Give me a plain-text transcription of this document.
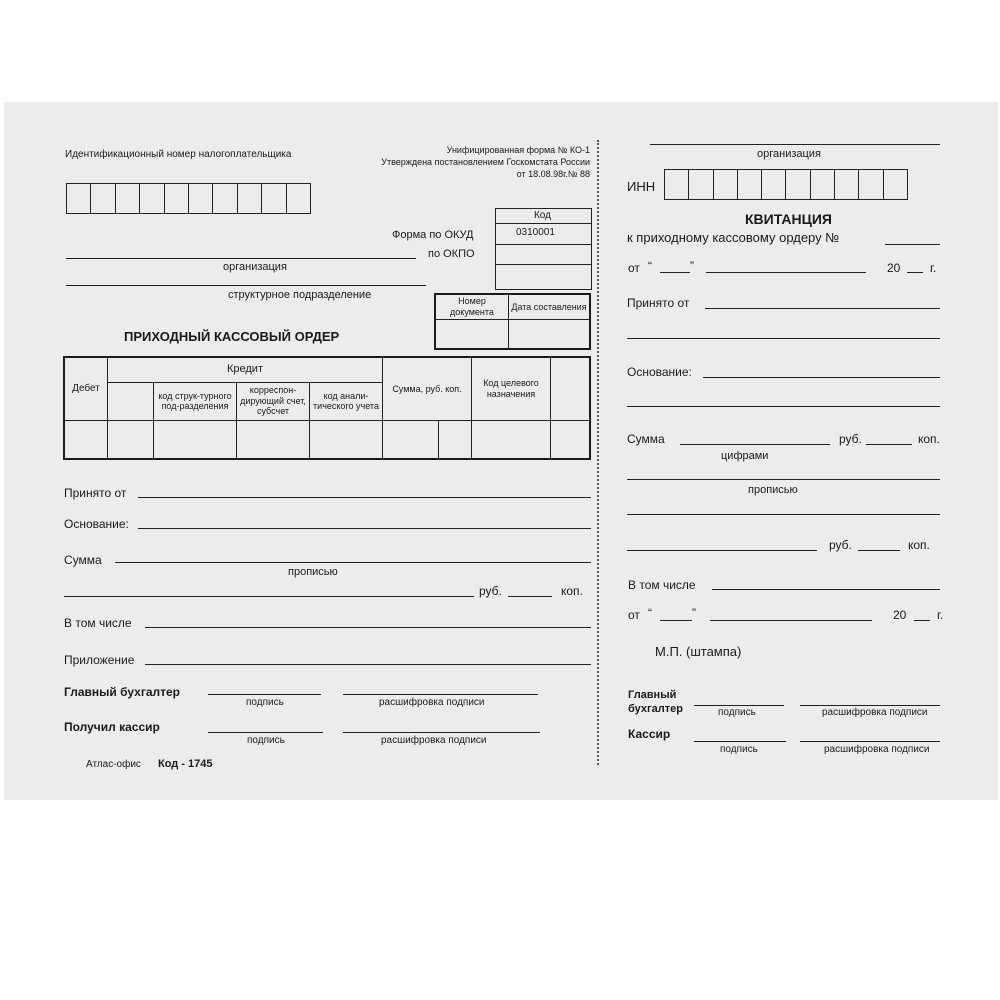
Идентификационный номер налогоплательщика	Унифицированная форма № КО-1
Утверждена постановлением Госкомстата России
от 18.08.98г.№ 88
Код
0310001
Форма по ОКУД
по ОКПО
организация
структурное подразделение
Номер документа	Дата составления

ПРИХОДНЫЙ КАССОВЫЙ ОРДЕР
Дебет	Кредит				Сумма, руб. коп.		Код целевого назначения	
		код струк-турного под-разделения	корреспон-дирующий счет, субсчет	код анали-тического учета				

Принято от
Основание:
Сумма
прописью
руб.	коп.
В том числе
Приложение
Главный бухгалтер
подпись	расшифровка подписи
Получил кассир
подпись	расшифровка подписи
Атлас-офис Код - 1745
организация
ИНН
КВИТАНЦИЯ
к приходному кассовому ордеру №
от “	”	20 г.
Принято от
Основание:
Сумма	руб.	коп.
цифрами
прописью
руб.	коп.
В том числе
от “	”	20	г.
М.П. (штампа)
Главный
бухгалтер	подпись	расшифровка подписи
Кассир
подпись	расшифровка подписи
